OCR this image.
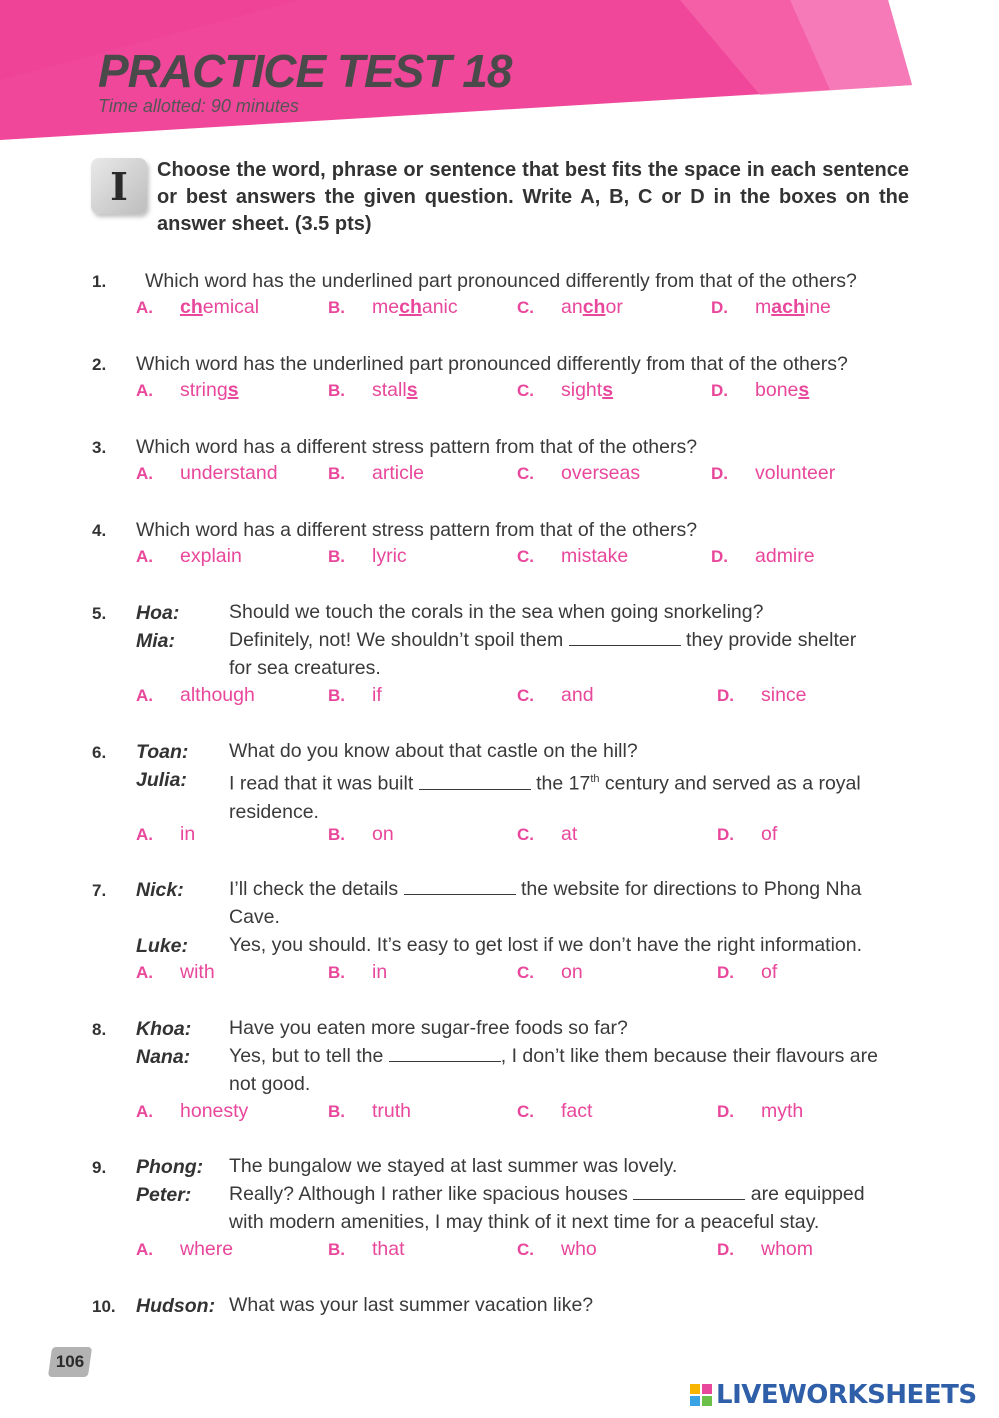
PRACTICE TEST 18
Time allotted: 90 minutes
I	Choose the word, phrase or sentence that best fits the space in each sentence or best answers the given question. Write A, B, C or D in the boxes on the answer sheet. (3.5 pts)
1. Which word has the underlined part pronounced differently from that of the others?
A. chemical	B. mechanic	C. anchor	D. machine
2. Which word has the underlined part pronounced differently from that of the others?
A. strings	B. stalls	C. sights	D. bones
3. Which word has a different stress pattern from that of the others?
A. understand	B. article	C. overseas	D. volunteer
4. Which word has a different stress pattern from that of the others?
A. explain	B. lyric	C. mistake	D. admire
5. Hoa:	Should we touch the corals in the sea when going snorkeling?
Mia:	Definitely, not! We shouldn’t spoil them	they provide shelter
for sea creatures.
A. although	B. if	C. and	D. since
6. Toan: What do you know about that castle on the hill?
Julia: I read that it was built	the 17th century and served as a royal
residence.
A. in	B. on	C. at	D. of
7. Nick: I’ll check the details	the website for directions to Phong Nha
Cave.
Luke: Yes, you should. It’s easy to get lost if we don’t have the right information.
A. with	B. in	C. on	D. of
8. Khoa: Have you eaten more sugar-free foods so far?
Nana: Yes, but to tell the	, I don’t like them because their flavours are
not good.
A. honesty	B. truth	C. fact	D. myth
9. Phong: The bungalow we stayed at last summer was lovely.
Peter: Really? Although I rather like spacious houses	are equipped
with modern amenities, I may think of it next time for a peaceful stay.
A. where	B. that	C. who	D. whom
10. Hudson: What was your last summer vacation like?
106
LIVEWORKSHEETS
